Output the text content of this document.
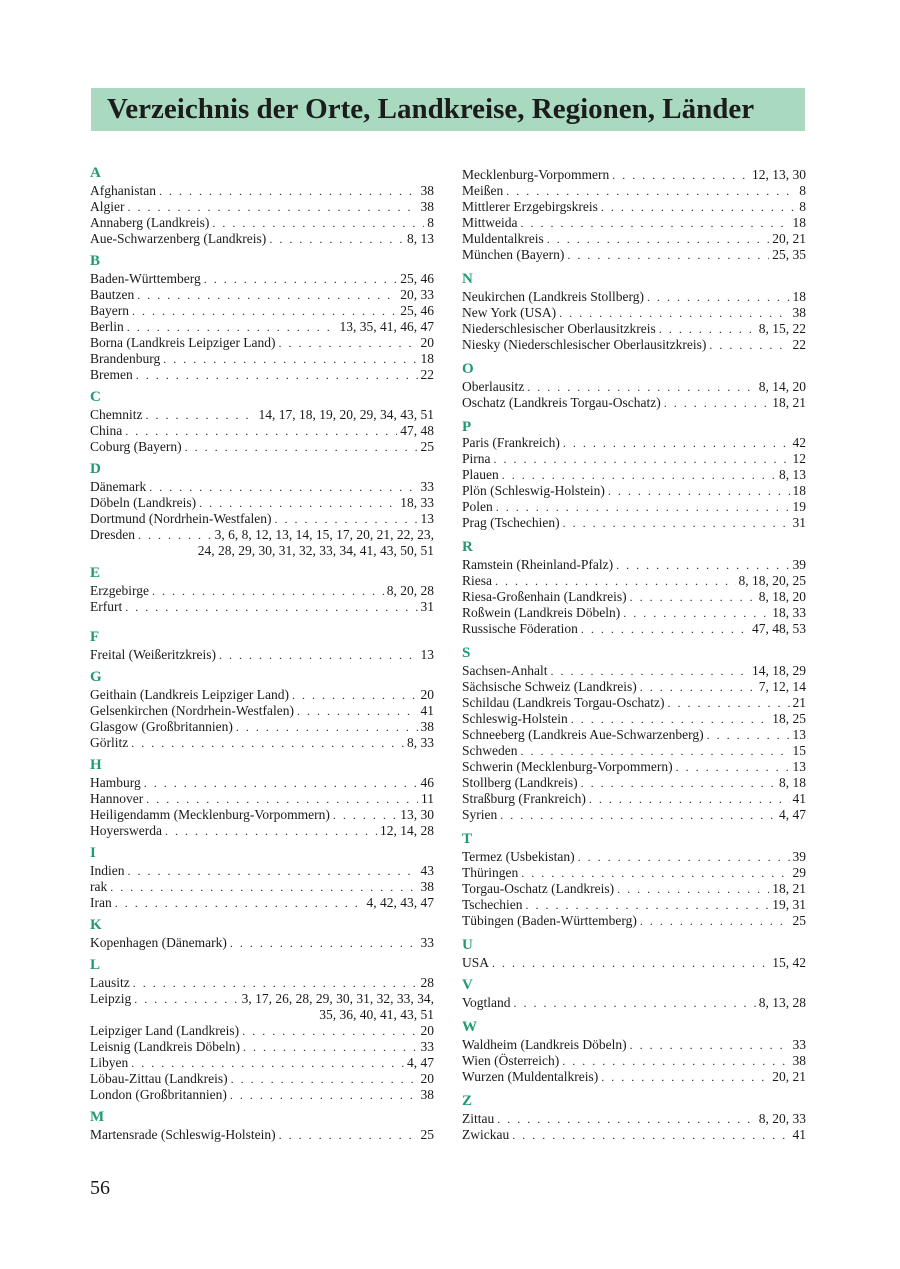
Verzeichnis der Orte, Landkreise, Regionen, Länder
A
Afghanistan . . .	38
Algier . . .	38
Annaberg (Landkreis) . . .	8
Aue-Schwarzenberg (Landkreis) . . .	8, 13
B
Baden-Württemberg . . .	25, 46
Bautzen . . .	20, 33
Bayern . . .	25, 46
Berlin . . .	13, 35, 41, 46, 47
Borna (Landkreis Leipziger Land) . . .	20
Brandenburg . . .	18
Bremen . . .	22
C
Chemnitz . . .	14, 17, 18, 19, 20, 29, 34, 43, 51
China . . .	47, 48
Coburg (Bayern) . . .	25
D
Dänemark . . .	33
Döbeln (Landkreis) . . .	18, 33
Dortmund (Nordrhein-Westfalen) . . .	13
Dresden . . .	3, 6, 8, 12, 13, 14, 15, 17, 20, 21, 22, 23,
24, 28, 29, 30, 31, 32, 33, 34, 41, 43, 50, 51
E
Erzgebirge . . .	8, 20, 28
Erfurt . . .	31
F
Freital (Weißeritzkreis) . . .	13
G
Geithain (Landkreis Leipziger Land) . . .	20
Gelsenkirchen (Nordrhein-Westfalen) . . .	41
Glasgow (Großbritannien) . . .	38
Görlitz . . .	8, 33
H
Hamburg . . .	46
Hannover . . .	11
Heiligendamm (Mecklenburg-Vorpommern) . . .	13, 30
Hoyerswerda . . .	12, 14, 28
I
Indien . . .	43
rak . . .	38
Iran . . .	4, 42, 43, 47
K
Kopenhagen (Dänemark) . . .	33
L
Lausitz . . .	28
Leipzig . . .	3, 17, 26, 28, 29, 30, 31, 32, 33, 34,
35, 36, 40, 41, 43, 51
Leipziger Land (Landkreis) . . .	20
Leisnig (Landkreis Döbeln) . . .	33
Libyen . . .	4, 47
Löbau-Zittau (Landkreis) . . .	20
London (Großbritannien) . . .	38
M
Martensrade (Schleswig-Holstein) . . .	25
Mecklenburg-Vorpommern . . .	12, 13, 30
Meißen . . .	8
Mittlerer Erzgebirgskreis . . .	8
Mittweida . . .	18
Muldentalkreis . . .	20, 21
München (Bayern) . . .	25, 35
N
Neukirchen (Landkreis Stollberg) . . .	18
New York (USA) . . .	38
Niederschlesischer Oberlausitzkreis . . .	8, 15, 22
Niesky (Niederschlesischer Oberlausitzkreis) . . .	22
O
Oberlausitz . . .	8, 14, 20
Oschatz (Landkreis Torgau-Oschatz) . . .	18, 21
P
Paris (Frankreich) . . .	42
Pirna . . .	12
Plauen . . .	8, 13
Plön (Schleswig-Holstein) . . .	18
Polen . . .	19
Prag (Tschechien) . . .	31
R
Ramstein (Rheinland-Pfalz) . . .	39
Riesa . . .	8, 18, 20, 25
Riesa-Großenhain (Landkreis) . . .	8, 18, 20
Roßwein (Landkreis Döbeln) . . .	18, 33
Russische Föderation . . .	47, 48, 53
S
Sachsen-Anhalt . . .	14, 18, 29
Sächsische Schweiz (Landkreis) . . .	7, 12, 14
Schildau (Landkreis Torgau-Oschatz) . . .	21
Schleswig-Holstein . . .	18, 25
Schneeberg (Landkreis Aue-Schwarzenberg) . . .	13
Schweden . . .	15
Schwerin (Mecklenburg-Vorpommern) . . .	13
Stollberg (Landkreis) . . .	8, 18
Straßburg (Frankreich) . . .	41
Syrien . . .	4, 47
T
Termez (Usbekistan) . . .	39
Thüringen . . .	29
Torgau-Oschatz (Landkreis) . . .	18, 21
Tschechien . . .	19, 31
Tübingen (Baden-Württemberg) . . .	25
U
USA . . .	15, 42
V
Vogtland . . .	8, 13, 28
W
Waldheim (Landkreis Döbeln) . . .	33
Wien (Österreich) . . .	38
Wurzen (Muldentalkreis) . . .	20, 21
Z
Zittau . . .	8, 20, 33
Zwickau . . .	41
56
